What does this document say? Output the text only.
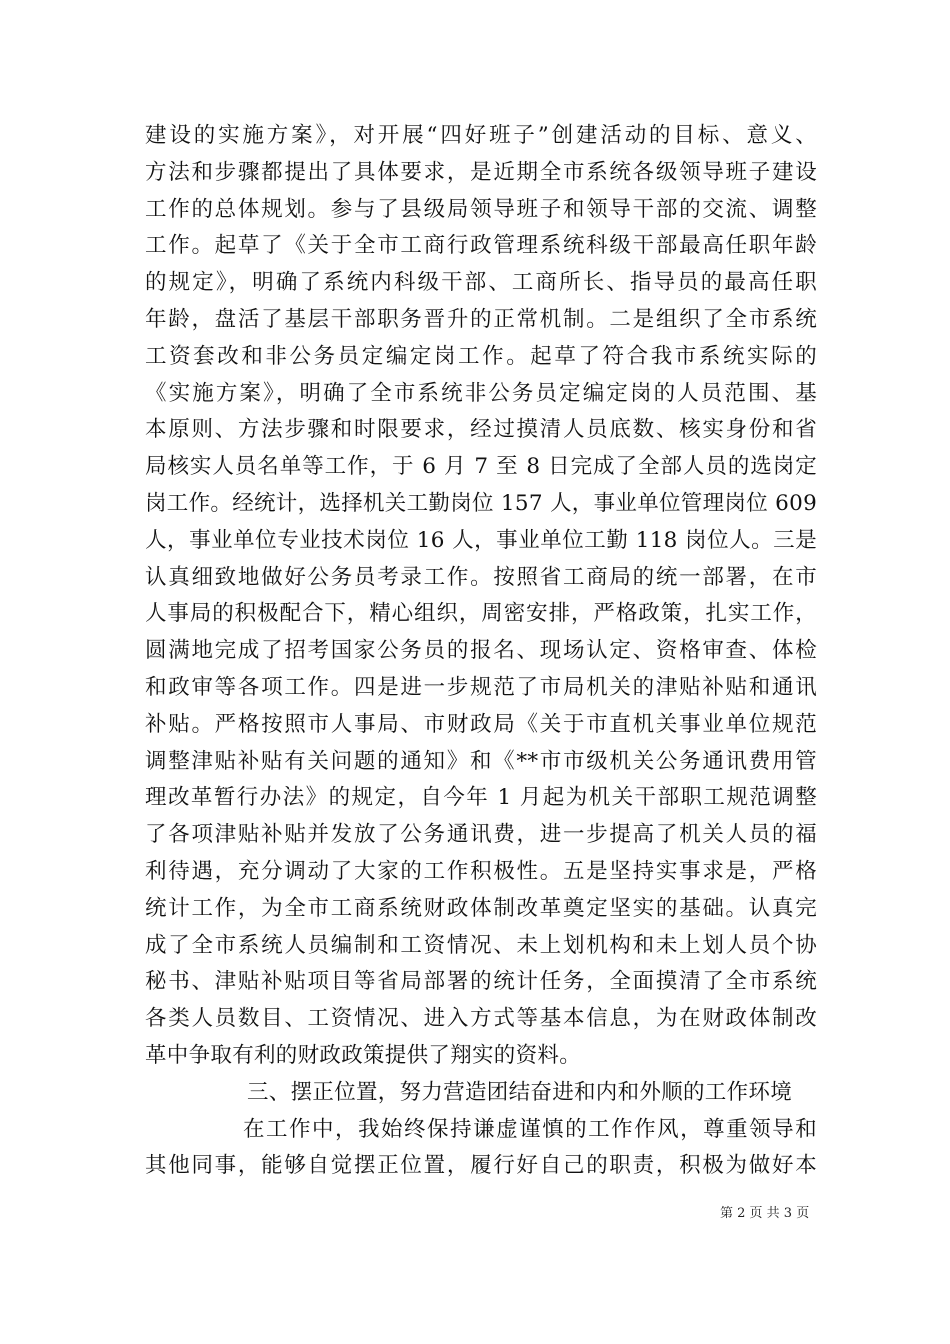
建设的实施方案》，对开展“四好班子”创建活动的目标、意义、
方法和步骤都提出了具体要求，是近期全市系统各级领导班子建设
工作的总体规划。参与了县级局领导班子和领导干部的交流、调整
工作。起草了《关于全市工商行政管理系统科级干部最高任职年龄
的规定》，明确了系统内科级干部、工商所长、指导员的最高任职
年龄，盘活了基层干部职务晋升的正常机制。二是组织了全市系统
工资套改和非公务员定编定岗工作。起草了符合我市系统实际的
《实施方案》，明确了全市系统非公务员定编定岗的人员范围、基
本原则、方法步骤和时限要求，经过摸清人员底数、核实身份和省
局核实人员名单等工作，于 6 月 7 至 8 日完成了全部人员的选岗定
岗工作。经统计，选择机关工勤岗位 157 人，事业单位管理岗位 609
人，事业单位专业技术岗位 16 人，事业单位工勤 118 岗位人。三是
认真细致地做好公务员考录工作。按照省工商局的统一部署，在市
人事局的积极配合下，精心组织，周密安排，严格政策，扎实工作，
圆满地完成了招考国家公务员的报名、现场认定、资格审查、体检
和政审等各项工作。四是进一步规范了市局机关的津贴补贴和通讯
补贴。严格按照市人事局、市财政局《关于市直机关事业单位规范
调整津贴补贴有关问题的通知》和《**市市级机关公务通讯费用管
理改革暂行办法》的规定，自今年 1 月起为机关干部职工规范调整
了各项津贴补贴并发放了公务通讯费，进一步提高了机关人员的福
利待遇，充分调动了大家的工作积极性。五是坚持实事求是，严格
统计工作，为全市工商系统财政体制改革奠定坚实的基础。认真完
成了全市系统人员编制和工资情况、未上划机构和未上划人员个协
秘书、津贴补贴项目等省局部署的统计任务，全面摸清了全市系统
各类人员数目、工资情况、进入方式等基本信息，为在财政体制改
革中争取有利的财政政策提供了翔实的资料。
三、摆正位置，努力营造团结奋进和内和外顺的工作环境
在工作中，我始终保持谦虚谨慎的工作作风，尊重领导和
其他同事，能够自觉摆正位置，履行好自己的职责，积极为做好本
第 2 页 共 3 页
